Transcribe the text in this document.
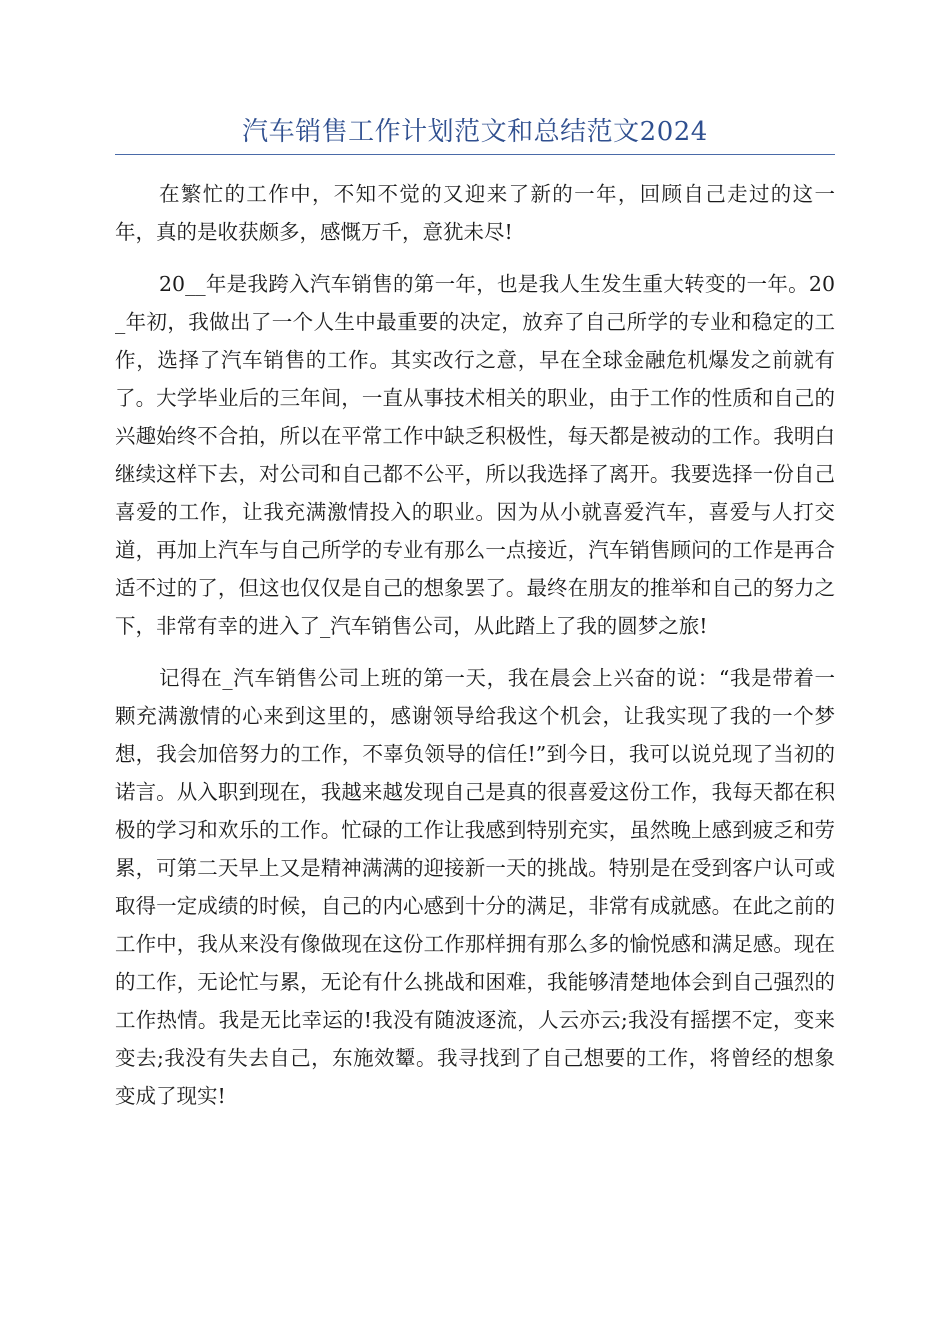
汽车销售工作计划范文和总结范文2024

在繁忙的工作中，不知不觉的又迎来了新的一年，回顾自己走过的这一年，真的是收获颇多，感慨万千，意犹未尽!

20__年是我跨入汽车销售的第一年，也是我人生发生重大转变的一年。20_年初，我做出了一个人生中最重要的决定，放弃了自己所学的专业和稳定的工作，选择了汽车销售的工作。其实改行之意，早在全球金融危机爆发之前就有了。大学毕业后的三年间，一直从事技术相关的职业，由于工作的性质和自己的兴趣始终不合拍，所以在平常工作中缺乏积极性，每天都是被动的工作。我明白继续这样下去，对公司和自己都不公平，所以我选择了离开。我要选择一份自己喜爱的工作，让我充满激情投入的职业。因为从小就喜爱汽车，喜爱与人打交道，再加上汽车与自己所学的专业有那么一点接近，汽车销售顾问的工作是再合适不过的了，但这也仅仅是自己的想象罢了。最终在朋友的推举和自己的努力之下，非常有幸的进入了_汽车销售公司，从此踏上了我的圆梦之旅!

记得在_汽车销售公司上班的第一天，我在晨会上兴奋的说：“我是带着一颗充满激情的心来到这里的，感谢领导给我这个机会，让我实现了我的一个梦想，我会加倍努力的工作，不辜负领导的信任!”到今日，我可以说兑现了当初的诺言。从入职到现在，我越来越发现自己是真的很喜爱这份工作，我每天都在积极的学习和欢乐的工作。忙碌的工作让我感到特别充实，虽然晚上感到疲乏和劳累，可第二天早上又是精神满满的迎接新一天的挑战。特别是在受到客户认可或取得一定成绩的时候，自己的内心感到十分的满足，非常有成就感。在此之前的工作中，我从来没有像做现在这份工作那样拥有那么多的愉悦感和满足感。现在的工作，无论忙与累，无论有什么挑战和困难，我能够清楚地体会到自己强烈的工作热情。我是无比幸运的!我没有随波逐流，人云亦云;我没有摇摆不定，变来变去;我没有失去自己，东施效颦。我寻找到了自己想要的工作，将曾经的想象变成了现实!
